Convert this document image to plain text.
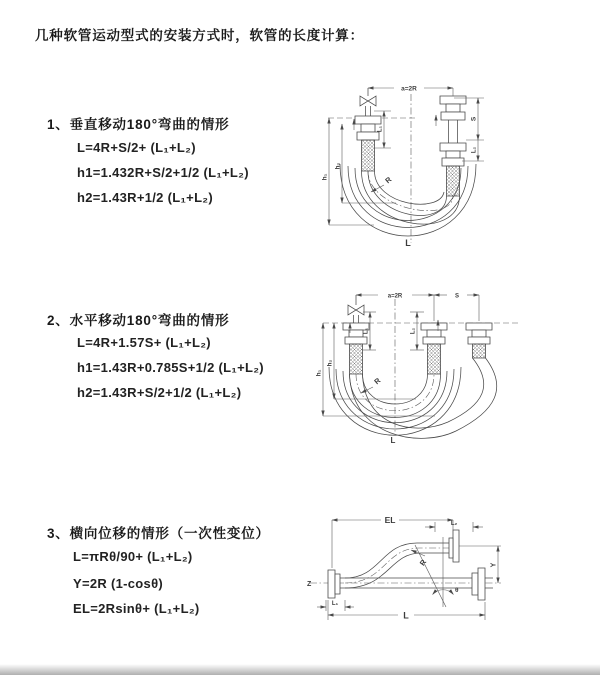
几种软管运动型式的安装方式时，软管的长度计算：
1、垂直移动180°弯曲的情形
L=4R+S/2+ (L₁+L₂)
h1=1.432R+S/2+1/2 (L₁+L₂)
h2=1.43R+1/2 (L₁+L₂)
2、水平移动180°弯曲的情形
L=4R+1.57S+ (L₁+L₂)
h1=1.43R+0.785S+1/2 (L₁+L₂)
h2=1.43R+S/2+1/2 (L₁+L₂)
3、横向位移的情形（一次性变位）
L=πRθ/90+ (L₁+L₂)
Y=2R (1-cosθ)
EL=2Rsinθ+ (L₁+L₂)
a=2R
h₁
h₂
L₁
S
L₂
R
L
a=2R	S
h₁
h₂
L₁	L₂
R
L
Z
θ
R
EL	L₂
Y
L₁
L
